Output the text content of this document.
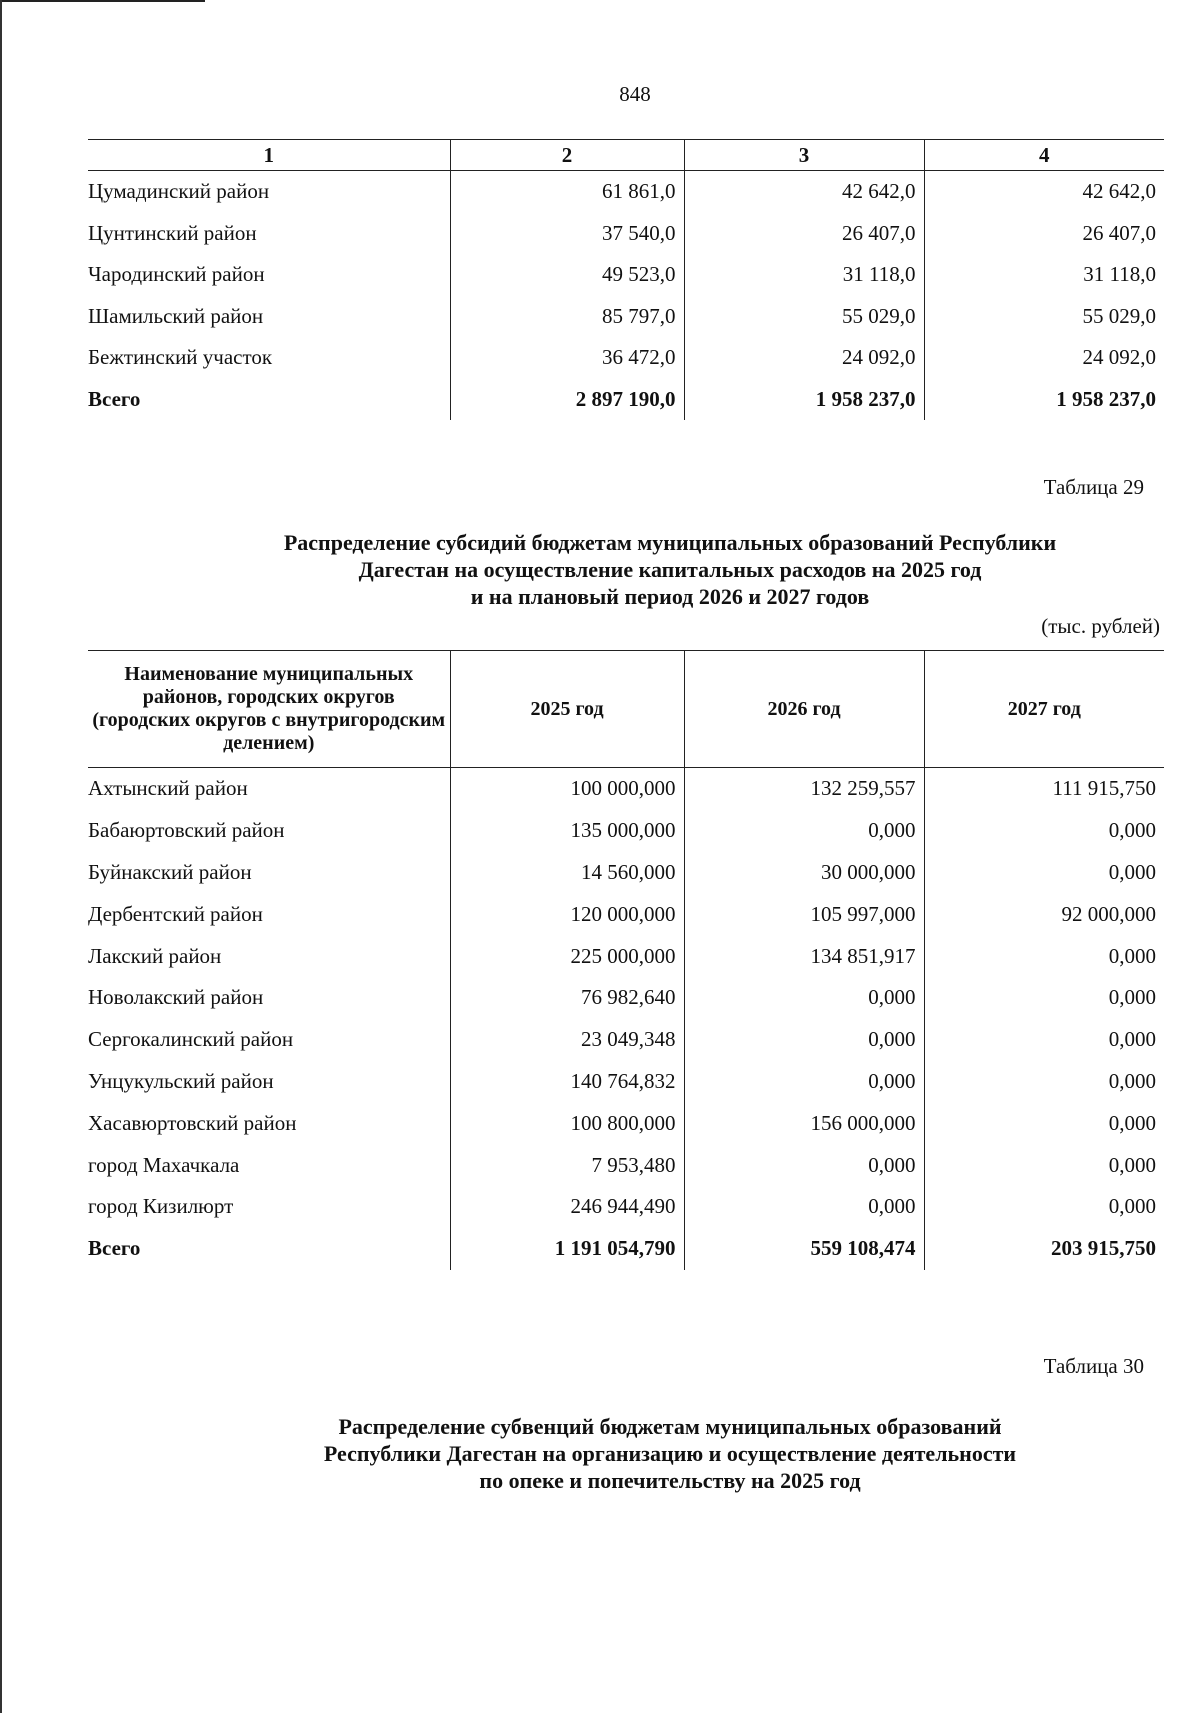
848
1	2	3	4
Цумадинский район	61 861,0	42 642,0	42 642,0
Цунтинский район	37 540,0	26 407,0	26 407,0
Чародинский район	49 523,0	31 118,0	31 118,0
Шамильский район	85 797,0	55 029,0	55 029,0
Бежтинский участок	36 472,0	24 092,0	24 092,0
Всего	2 897 190,0	1 958 237,0	1 958 237,0
Таблица 29
Распределение субсидий бюджетам муниципальных образований Республики
Дагестан на осуществление капитальных расходов на 2025 год
и на плановый период 2026 и 2027 годов
(тыс. рублей)
Наименование муниципальных районов, городских округов (городских округов с внутригородским делением)	2025 год	2026 год	2027 год
Ахтынский район	100 000,000	132 259,557	111 915,750
Бабаюртовский район	135 000,000	0,000	0,000
Буйнакский район	14 560,000	30 000,000	0,000
Дербентский район	120 000,000	105 997,000	92 000,000
Лакский район	225 000,000	134 851,917	0,000
Новолакский район	76 982,640	0,000	0,000
Сергокалинский район	23 049,348	0,000	0,000
Унцукульский район	140 764,832	0,000	0,000
Хасавюртовский район	100 800,000	156 000,000	0,000
город Махачкала	7 953,480	0,000	0,000
город Кизилюрт	246 944,490	0,000	0,000
Всего	1 191 054,790	559 108,474	203 915,750
Таблица 30
Распределение субвенций бюджетам муниципальных образований
Республики Дагестан на организацию и осуществление деятельности
по опеке и попечительству на 2025 год
